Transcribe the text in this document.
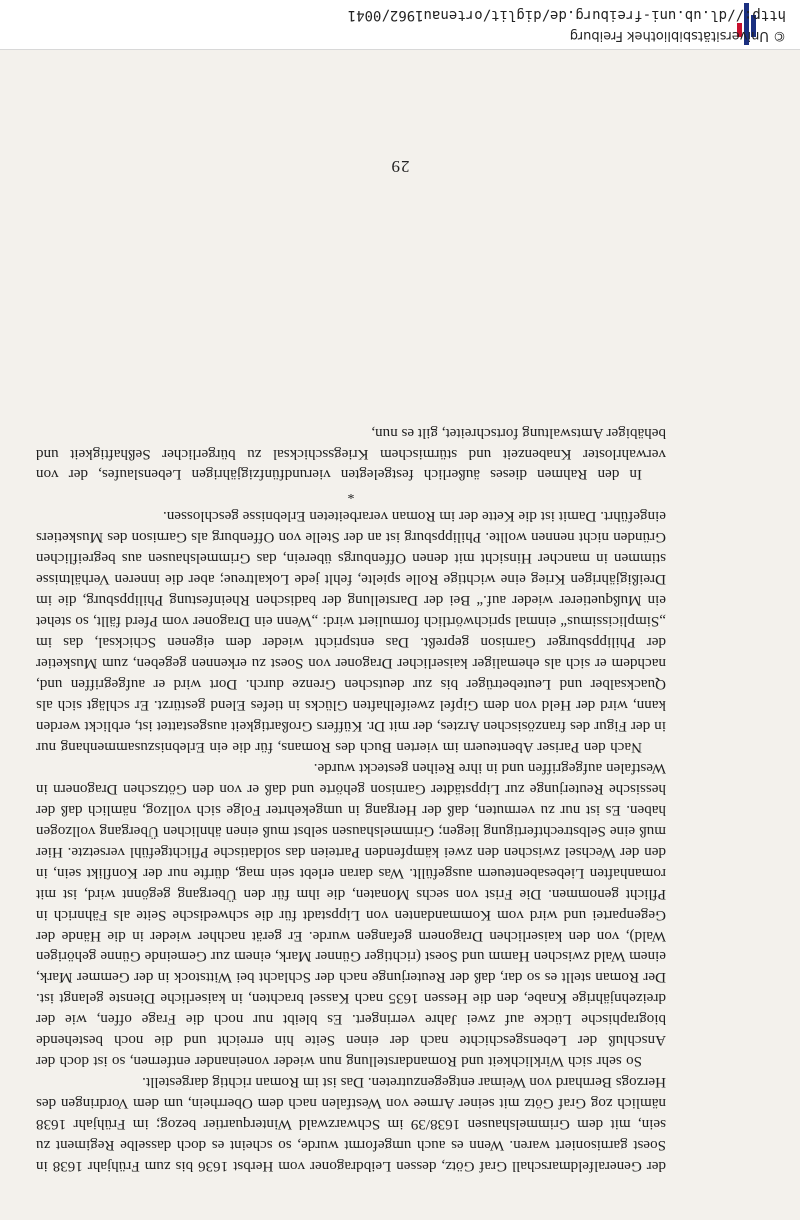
der Generalfeldmarschall Graf Götz, dessen Leibdragoner vom Herbst 1636 bis zum Frühjahr 1638 in Soest garnisoniert waren. Wenn es auch umgeformt wurde, so scheint es doch dasselbe Regiment zu sein, mit dem Grimmelshausen 1638/39 im Schwarzwald Winterquartier bezog; im Frühjahr 1638 nämlich zog Graf Götz mit seiner Armee von Westfalen nach dem Oberrhein, um dem Vordringen des Herzogs Bernhard von Weimar entgegenzutreten. Das ist im Roman richtig dargestellt.

So sehr sich Wirklichkeit und Romandarstellung nun wieder voneinander entfernen, so ist doch der Anschluß der Lebensgeschichte nach der einen Seite hin erreicht und die noch bestehende biographische Lücke auf zwei Jahre verringert. Es bleibt nur noch die Frage offen, wie der dreizehnjährige Knabe, den die Hessen 1635 nach Kassel brachten, in kaiserliche Dienste gelangt ist. Der Roman stellt es so dar, daß der Reuterjunge nach der Schlacht bei Wittstock in der Gemmer Mark, einem Wald zwischen Hamm und Soest (richtiger Günner Mark, einem zur Gemeinde Günne gehörigen Wald), von den kaiserlichen Dragonern gefangen wurde. Er gerät nachher wieder in die Hände der Gegenpartei und wird vom Kommandanten von Lippstadt für die schwedische Seite als Fähnrich in Pflicht genommen. Die Frist von sechs Monaten, die ihm für den Übergang gegönnt wird, ist mit romanhaften Liebesabenteuern ausgefüllt. Was daran erlebt sein mag, dürfte nur der Konflikt sein, in den der Wechsel zwischen den zwei kämpfenden Parteien das soldatische Pflichtgefühl versetzte. Hier muß eine Selbstrechtfertigung liegen; Grimmelshausen selbst muß einen ähnlichen Übergang vollzogen haben. Es ist nur zu vermuten, daß der Hergang in umgekehrter Folge sich vollzog, nämlich daß der hessische Reuterjunge zur Lippstädter Garnison gehörte und daß er von den Götzschen Dragonern in Westfalen aufgegriffen und in ihre Reihen gesteckt wurde.

Nach den Pariser Abenteuern im vierten Buch des Romans, für die ein Erlebniszusammenhang nur in der Figur des französischen Arztes, der mit Dr. Küffers Großartigkeit ausgestattet ist, erblickt werden kann, wird der Held von dem Gipfel zweifelhaften Glücks in tiefes Elend gestürzt. Er schlägt sich als Quacksalber und Leutebetrüger bis zur deutschen Grenze durch. Dort wird er aufgegriffen und, nachdem er sich als ehemaliger kaiserlicher Dragoner von Soest zu erkennen gegeben, zum Musketier der Philippsburger Garnison gepreßt. Das entspricht wieder dem eigenen Schicksal, das im „Simplicissimus“ einmal sprichwörtlich formuliert wird: „Wenn ein Dragoner vom Pferd fällt, so stehet ein Mußquetierer wieder auf.“ Bei der Darstellung der badischen Rheinfestung Philippsburg, die im Dreißigjährigen Krieg eine wichtige Rolle spielte, fehlt jede Lokaltreue; aber die inneren Verhältnisse stimmen in mancher Hinsicht mit denen Offenburgs überein, das Grimmelshausen aus begreiflichen Gründen nicht nennen wollte. Philippsburg ist an der Stelle von Offenburg als Garnison des Musketiers eingeführt. Damit ist die Kette der im Roman verarbeiteten Erlebnisse geschlossen.

*

In den Rahmen dieses äußerlich festgelegten vierundfünfzigjährigen Lebenslaufes, der von verwahrloster Knabenzeit und stürmischem Kriegsschicksal zu bürgerlicher Seßhaftigkeit und behäbiger Amtswaltung fortschreitet, gilt es nun,

29
© Universitätsbibliothek Freiburg
http://dl.ub.uni-freiburg.de/diglit/ortenau1962/0041
